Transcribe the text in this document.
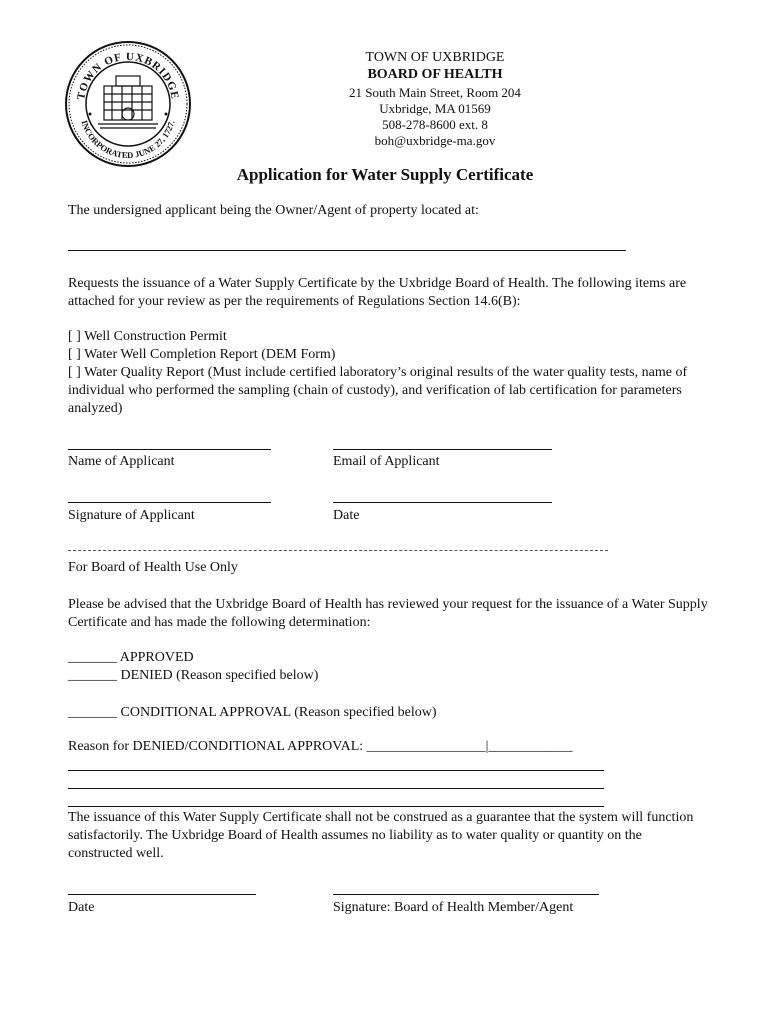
TOWN OF UXBRIDGE
INCORPORATED JUNE 27, 1727.
TOWN OF UXBRIDGE
BOARD OF HEALTH
21 South Main Street, Room 204
Uxbridge, MA 01569
508-278-8600 ext. 8
boh@uxbridge-ma.gov
Application for Water Supply Certificate
The undersigned applicant being the Owner/Agent of property located at:
Requests the issuance of a Water Supply Certificate by the Uxbridge Board of Health. The following items are attached for your review as per the requirements of Regulations Section 14.6(B):
[ ] Well Construction Permit
[ ] Water Well Completion Report (DEM Form)
[ ] Water Quality Report (Must include certified laboratory’s original results of the water quality tests, name of individual who performed the sampling (chain of custody), and verification of lab certification for parameters analyzed)
Name of Applicant	Email of Applicant
Signature of Applicant	Date
For Board of Health Use Only
Please be advised that the Uxbridge Board of Health has reviewed your request for the issuance of a Water Supply Certificate and has made the following determination:
_______ APPROVED
_______ DENIED (Reason specified below)
_______ CONDITIONAL APPROVAL (Reason specified below)
Reason for DENIED/CONDITIONAL APPROVAL: _________________|____________
The issuance of this Water Supply Certificate shall not be construed as a guarantee that the system will function satisfactorily. The Uxbridge Board of Health assumes no liability as to water quality or quantity on the constructed well.
Date	Signature: Board of Health Member/Agent
